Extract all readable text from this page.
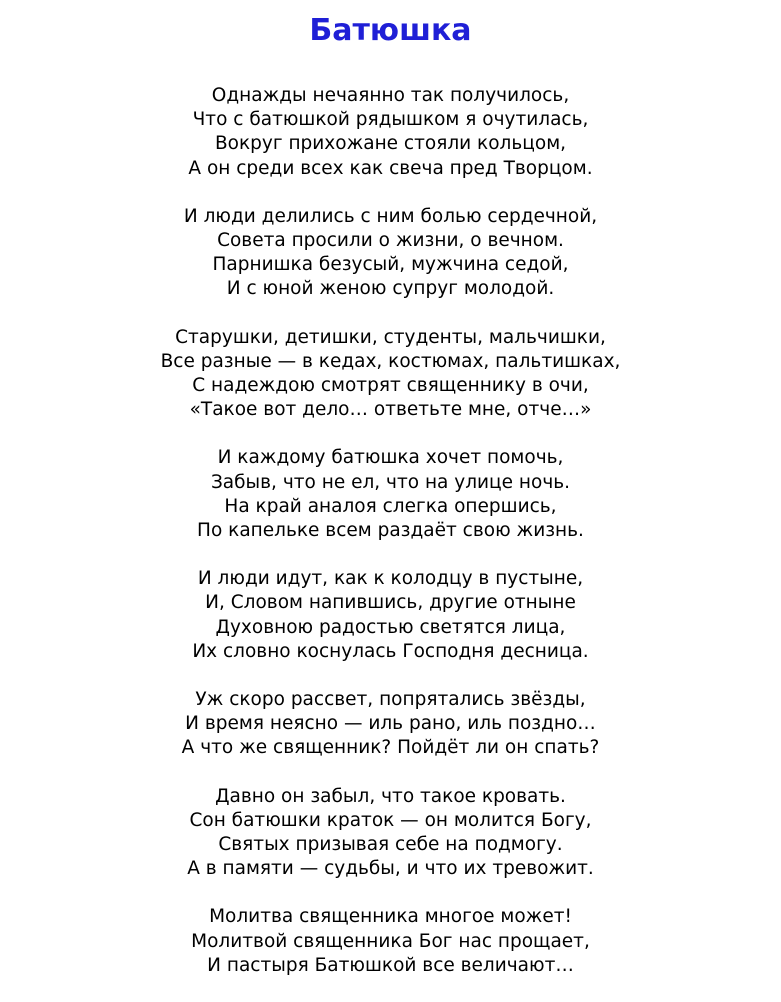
Батюшка
Однажды нечаянно так получилось,
Что с батюшкой рядышком я очутилась,
Вокруг прихожане стояли кольцом,
А он среди всех как свеча пред Творцом.
И люди делились с ним болью сердечной,
Совета просили о жизни, о вечном.
Парнишка безусый, мужчина седой,
И с юной женою супруг молодой.
Старушки, детишки, студенты, мальчишки,
Все разные — в кедах, костюмах, пальтишках,
С надеждою смотрят священнику в очи,
«Такое вот дело… ответьте мне, отче…»
И каждому батюшка хочет помочь,
Забыв, что не ел, что на улице ночь.
На край аналоя слегка опершись,
По капельке всем раздаёт свою жизнь.
И люди идут, как к колодцу в пустыне,
И, Словом напившись, другие отныне
Духовною радостью светятся лица,
Их словно коснулась Господня десница.
Уж скоро рассвет, попрятались звёзды,
И время неясно — иль рано, иль поздно…
А что же священник? Пойдёт ли он спать?
Давно он забыл, что такое кровать.
Сон батюшки краток — он молится Богу,
Святых призывая себе на подмогу.
А в памяти — судьбы, и что их тревожит.
Молитва священника многое может!
Молитвой священника Бог нас прощает,
И пастыря Батюшкой все величают…
